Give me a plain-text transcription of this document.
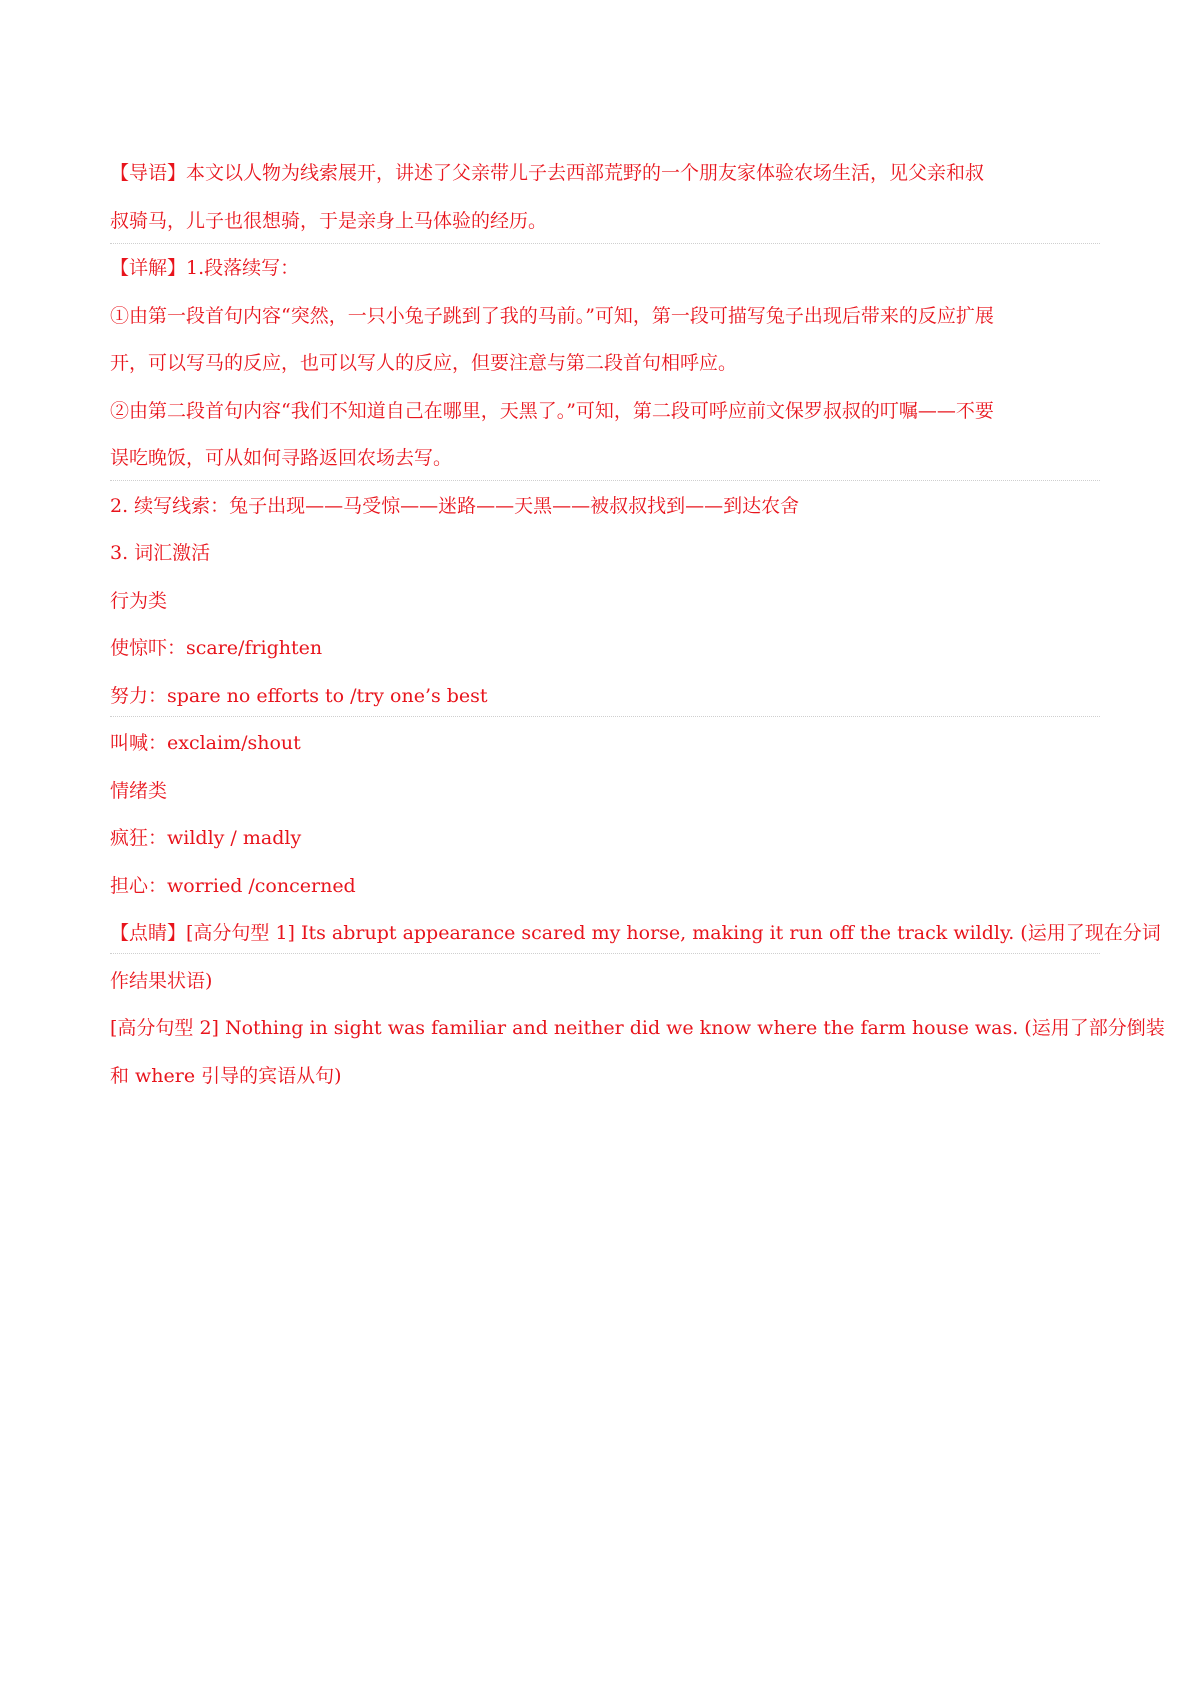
【导语】本文以人物为线索展开，讲述了父亲带儿子去西部荒野的一个朋友家体验农场生活，见父亲和叔
叔骑马，儿子也很想骑，于是亲身上马体验的经历。
【详解】1.段落续写：
①由第一段首句内容“突然，一只小兔子跳到了我的马前。”可知，第一段可描写兔子出现后带来的反应扩展
开，可以写马的反应，也可以写人的反应，但要注意与第二段首句相呼应。
②由第二段首句内容“我们不知道自己在哪里，天黑了。”可知，第二段可呼应前文保罗叔叔的叮嘱——不要
误吃晚饭，可从如何寻路返回农场去写。
2. 续写线索：兔子出现——马受惊——迷路——天黑——被叔叔找到——到达农舍
3. 词汇激活
行为类
使惊吓：scare/frighten
努力：spare no efforts to /try one’s best
叫喊：exclaim/shout
情绪类
疯狂：wildly / madly
担心：worried /concerned
【点睛】[高分句型 1] Its abrupt appearance scared my horse, making it run off the track wildly. (运用了现在分词
作结果状语)
[高分句型 2] Nothing in sight was familiar and neither did we know where the farm house was. (运用了部分倒装
和 where 引导的宾语从句)
